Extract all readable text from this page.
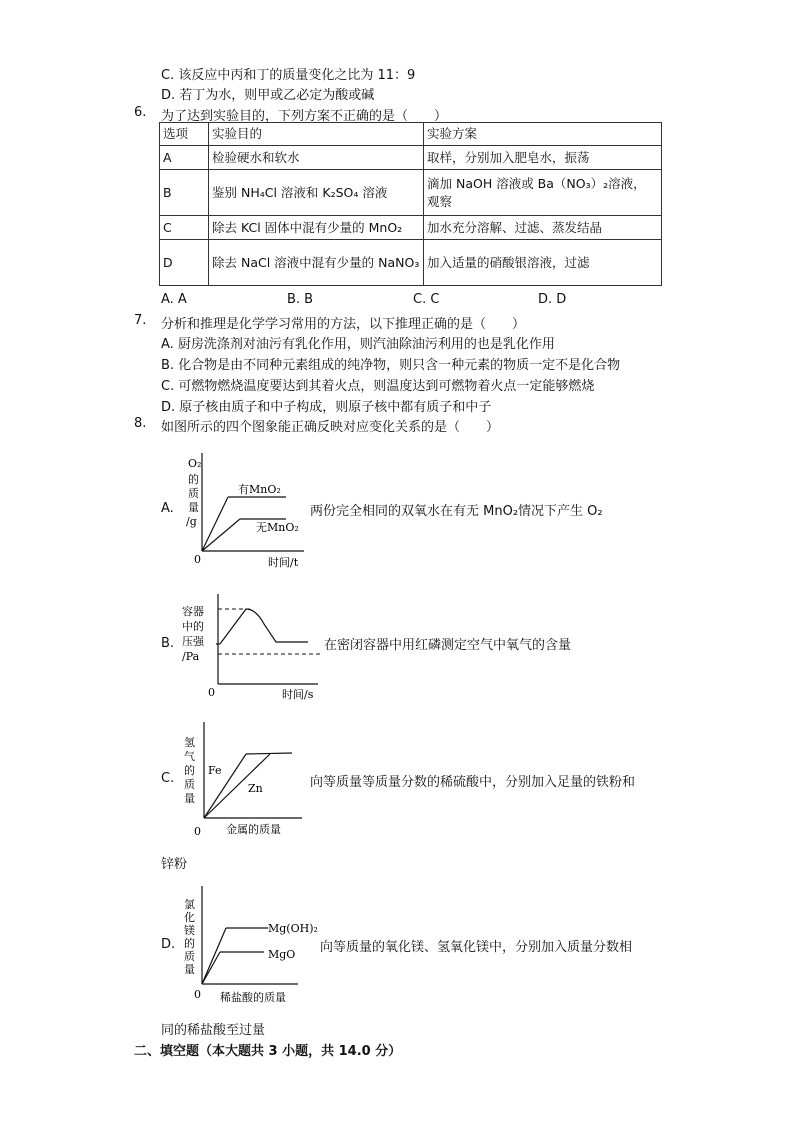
C. 该反应中丙和丁的质量变化之比为 11：9
D. 若丁为水，则甲或乙必定为酸或碱
6. 为了达到实验目的，下列方案不正确的是（　　）
选项	实验目的	实验方案
A	检验硬水和软水	取样，分别加入肥皂水，振荡
B	鉴别 NH₄Cl 溶液和 K₂SO₄ 溶液	滴加 NaOH 溶液或 Ba（NO₃）₂溶液，观察
C	除去 KCl 固体中混有少量的 MnO₂	加水充分溶解、过滤、蒸发结晶
D	除去 NaCl 溶液中混有少量的 NaNO₃	加入适量的硝酸银溶液，过滤
A. A	B. B	C. C	D. D
7. 分析和推理是化学学习常用的方法，以下推理正确的是（　　）
A. 厨房洗涤剂对油污有乳化作用，则汽油除油污利用的也是乳化作用
B. 化合物是由不同种元素组成的纯净物，则只含一种元素的物质一定不是化合物
C. 可燃物燃烧温度要达到其着火点，则温度达到可燃物着火点一定能够燃烧
D. 原子核由质子和中子构成，则原子核中都有质子和中子
8. 如图所示的四个图象能正确反映对应变化关系的是（　　）
A.
O₂
的
质
量
/g
有MnO₂
无MnO₂
0	时间/t
两份完全相同的双氧水在有无 MnO₂情况下产生 O₂
B.
容器
中的
压强
/Pa
0	时间/s
在密闭容器中用红磷测定空气中氧气的含量
C.
氢
气
的
质
量
Fe
Zn
0 金属的质量
向等质量等质量分数的稀硫酸中，分别加入足量的铁粉和
锌粉
D.
氯
化
镁
的
质
量
Mg(OH)₂
MgO
0 稀盐酸的质量
向等质量的氧化镁、氢氧化镁中，分别加入质量分数相
同的稀盐酸至过量
二、填空题（本大题共 3 小题，共 14.0 分）
